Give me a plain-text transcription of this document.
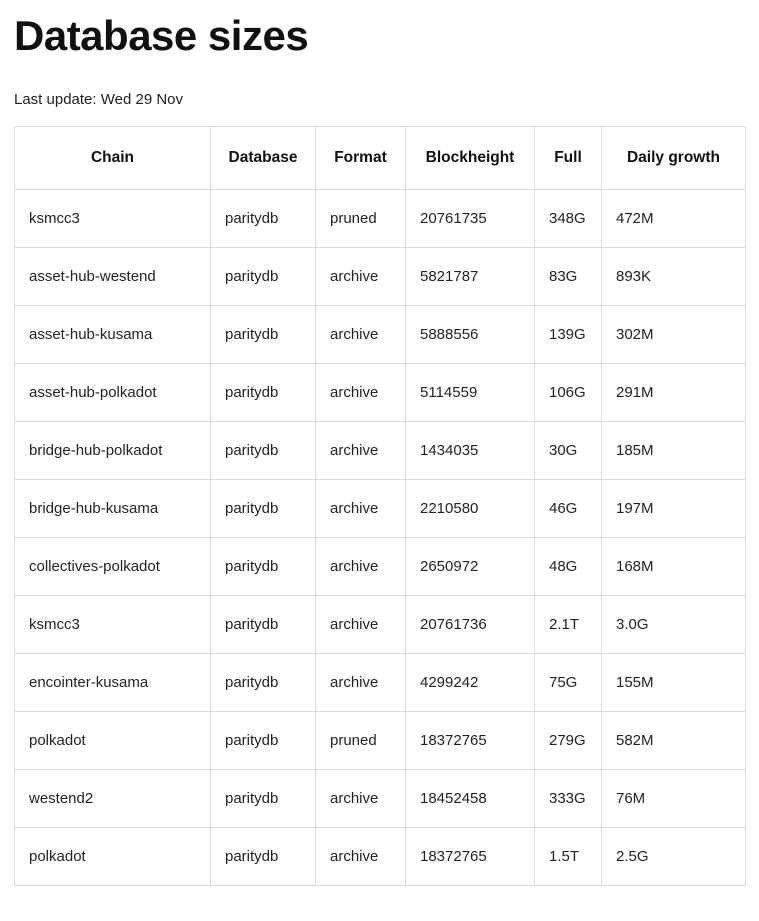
Database sizes
Last update: Wed 29 Nov
Chain	Database	Format	Blockheight	Full	Daily growth
ksmcc3	paritydb	pruned	20761735	348G	472M
asset-hub-westend	paritydb	archive	5821787	83G	893K
asset-hub-kusama	paritydb	archive	5888556	139G	302M
asset-hub-polkadot	paritydb	archive	5114559	106G	291M
bridge-hub-polkadot	paritydb	archive	1434035	30G	185M
bridge-hub-kusama	paritydb	archive	2210580	46G	197M
collectives-polkadot	paritydb	archive	2650972	48G	168M
ksmcc3	paritydb	archive	20761736	2.1T	3.0G
encointer-kusama	paritydb	archive	4299242	75G	155M
polkadot	paritydb	pruned	18372765	279G	582M
westend2	paritydb	archive	18452458	333G	76M
polkadot	paritydb	archive	18372765	1.5T	2.5G
